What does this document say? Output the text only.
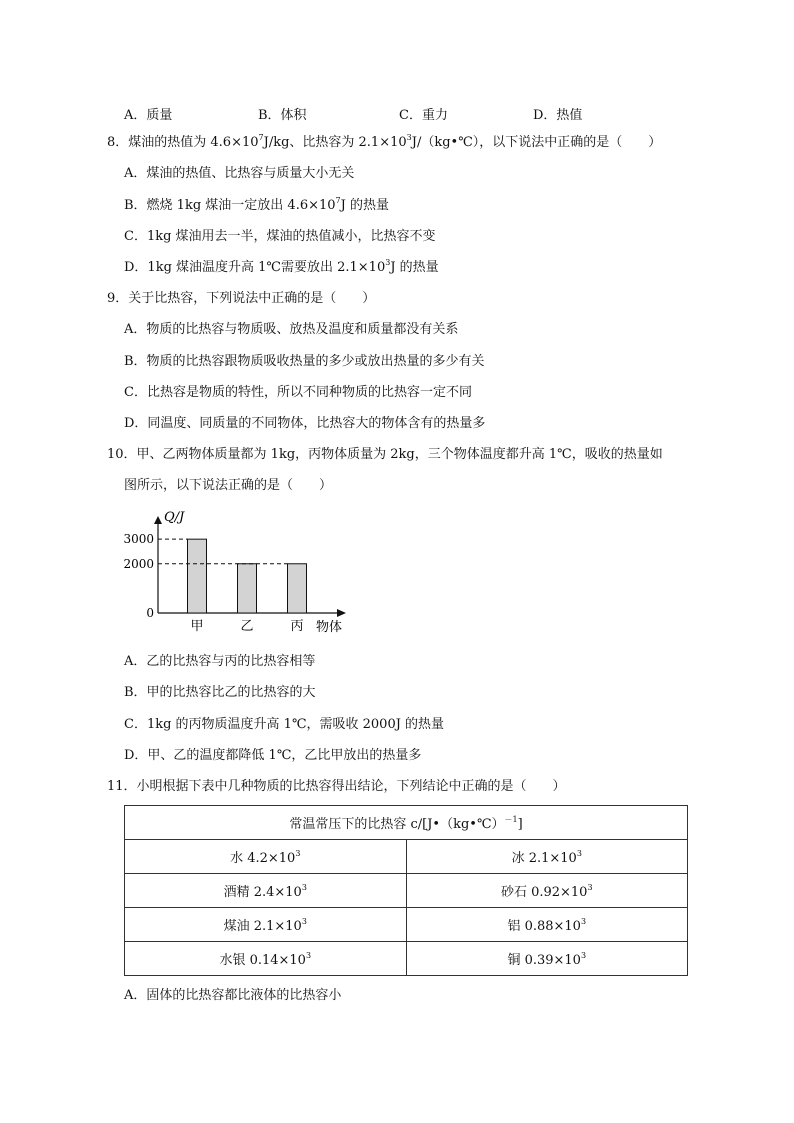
A．质量	B．体积	C．重力	D．热值
8．煤油的热值为 $4.6\times 10^7J/kg$、比热容为 $2.1\times 10^3J/(kg•℃)$，以下说法中正确的是（　　）
A．煤油的热值、比热容与质量大小无关
B．燃烧 1kg 煤油一定放出 $4.6\times 10^7J$ 的热量
C．1kg 煤油用去一半，煤油的热值减小，比热容不变
D．1kg 煤油温度升高 1℃需要放出 $2.1\times 10^3J$ 的热量
9．关于比热容，下列说法中正确的是（　　）
A．物质的比热容与物质吸、放热及温度和质量都没有关系
B．物质的比热容跟物质吸收热量的多少或放出热量的多少有关
C．比热容是物质的特性，所以不同种物质的比热容一定不同
D．同温度、同质量的不同物体，比热容大的物体含有的热量多
10．甲、乙两物体质量都为 1kg，丙物体质量为 2kg，三个物体温度都升高 1℃，吸收的热量如
图所示，以下说法正确的是（　　）
Q/J
物体
甲	乙	丙
3000
2000
0
A．乙的比热容与丙的比热容相等
B．甲的比热容比乙的比热容的大
C．1kg 的丙物质温度升高 1℃，需吸收 2000J 的热量
D．甲、乙的温度都降低 1℃，乙比甲放出的热量多
11．小明根据下表中几种物质的比热容得出结论，下列结论中正确的是（　　）
常温常压下的比热容 c/[J•（kg•℃）$^{-1}$]	
水 $4.2\times 10^3$	冰 $2.1\times 10^3$
酒精 $2.4\times 10^3$	砂石 $0.92\times 10^3$
煤油 $2.1\times 10^3$	铝 $0.88\times 10^3$
水银 $0.14\times 10^3$	铜 $0.39\times 10^3$
A．固体的比热容都比液体的比热容小
